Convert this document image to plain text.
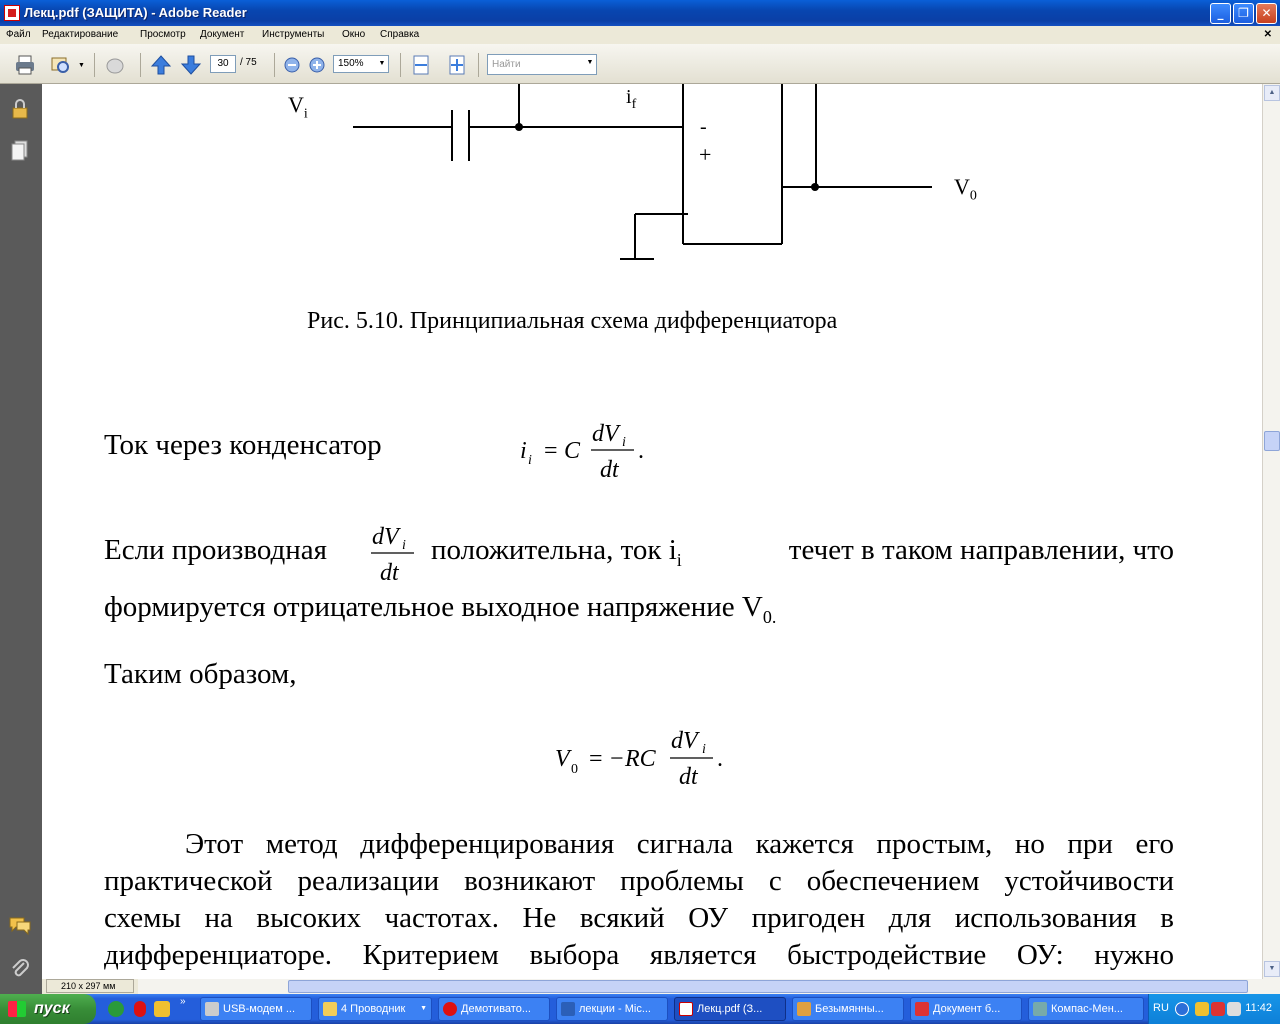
Лекц.pdf (ЗАЩИТА) - Adobe Reader	_	❐	✕
Файл Редактирование Просмотр Документ Инструменты Окно Справка	✕
▼	30	/ 75	150%	▼	Найти	▼
$V_i$
$i_f$
-
+
$V_0$
Рис. 5.10. Принципиальная схема дифференциатора
Ток через конденсатор	i i = C
dV i
dt
.
Если производная dV i
dt
положительна, ток $i_i$	течет в таком направлении, что
формируется отрицательное выходное напряжение $V_{0.}$
Таким образом,
V 0 = − RC
dV i
dt
.
Этот метод дифференцирования сигнала кажется простым, но при его
практической реализации возникают проблемы с обеспечением устойчивости
схемы на высоких частотах. Не всякий ОУ пригоден для использования в
дифференциаторе. Критерием выбора является быстродействие ОУ: нужно
▲
▼
210 x 297 мм
пуск	»
USB-модем ...	4 Проводник ▼	Демотивато...	лекции - Mic...	Лекц.pdf (З...	Безымянны...	Документ б...	Компас-Мен...	RU	11:42
